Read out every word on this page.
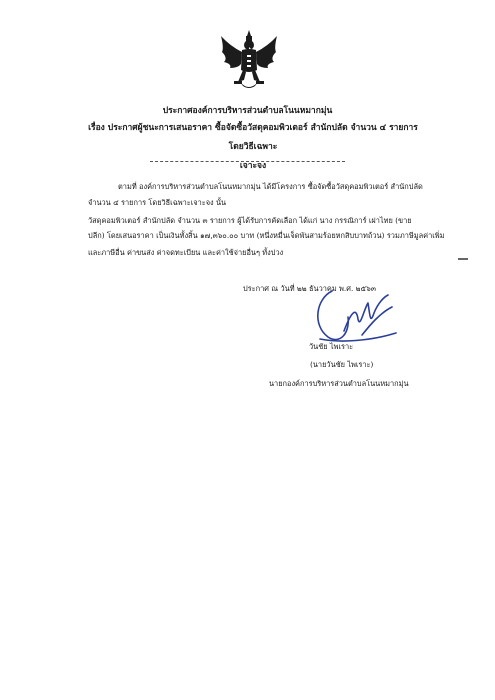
ประกาศองค์การบริหารส่วนตำบลโนนหมากมุ่น
เรื่อง ประกาศผู้ชนะการเสนอราคา ซื้อจัดซื้อวัสดุคอมพิวเตอร์ สำนักปลัด จำนวน ๔ รายการ โดยวิธีเฉพาะ
เจาะจง
ตามที่ องค์การบริหารส่วนตำบลโนนหมากมุ่น ได้มีโครงการ ซื้อจัดซื้อวัสดุคอมพิวเตอร์ สำนักปลัด
จำนวน ๔ รายการ โดยวิธีเฉพาะเจาะจง นั้น
วัสดุคอมพิวเตอร์ สำนักปลัด จำนวน ๓ รายการ ผู้ได้รับการคัดเลือก ได้แก่ นาง กรรณิการ์ เผ่าไทย (ขาย
ปลีก) โดยเสนอราคา เป็นเงินทั้งสิ้น ๑๗,๓๖๐.๐๐ บาท (หนึ่งหมื่นเจ็ดพันสามร้อยหกสิบบาทถ้วน) รวมภาษีมูลค่าเพิ่ม
และภาษีอื่น ค่าขนส่ง ค่าจดทะเบียน และค่าใช้จ่ายอื่นๆ ทั้งปวง
ประกาศ ณ วันที่ ๒๒ ธันวาคม พ.ศ. ๒๕๖๓
วันชัย ไพเราะ
(นายวันชัย ไพเราะ)
นายกองค์การบริหารส่วนตำบลโนนหมากมุ่น
